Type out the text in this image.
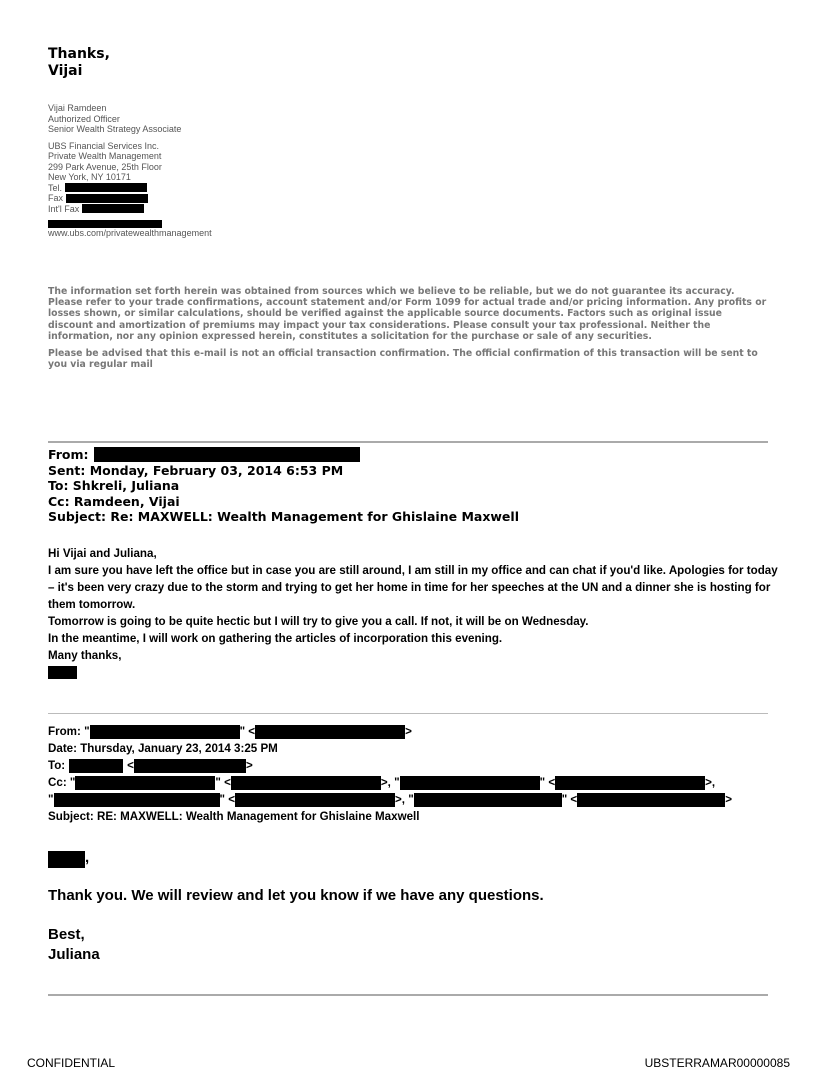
Thanks,
Vijai
Vijai Ramdeen
Authorized Officer
Senior Wealth Strategy Associate
UBS Financial Services Inc.
Private Wealth Management
299 Park Avenue, 25th Floor
New York, NY 10171
Tel.
Fax
Int'l Fax
www.ubs.com/privatewealthmanagement

The information set forth herein was obtained from sources which we believe to be reliable, but we do not guarantee its accuracy. Please refer to your trade confirmations, account statement and/or Form 1099 for actual trade and/or pricing information. Any profits or losses shown, or similar calculations, should be verified against the applicable source documents. Factors such as original issue discount and amortization of premiums may impact your tax considerations. Please consult your tax professional. Neither the information, nor any opinion expressed herein, constitutes a solicitation for the purchase or sale of any securities.

Please be advised that this e-mail is not an official transaction confirmation. The official confirmation of this transaction will be sent to you via regular mail

From:
Sent: Monday, February 03, 2014 6:53 PM
To: Shkreli, Juliana
Cc: Ramdeen, Vijai
Subject: Re: MAXWELL: Wealth Management for Ghislaine Maxwell

Hi Vijai and Juliana,

I am sure you have left the office but in case you are still around, I am still in my office and can chat if you'd like. Apologies for today – it's been very crazy due to the storm and trying to get her home in time for her speeches at the UN and a dinner she is hosting for them tomorrow.

Tomorrow is going to be quite hectic but I will try to give you a call. If not, it will be on Wednesday.

In the meantime, I will work on gathering the articles of incorporation this evening.

Many thanks,

From: "	" <	>
Date: Thursday, January 23, 2014 3:25 PM
To:	<	>
Cc: "	" <	>, "	" <	>,
"	" <	>, "	" <	>
Subject: RE: MAXWELL: Wealth Management for Ghislaine Maxwell
,
Thank you. We will review and let you know if we have any questions.
Best,
Juliana
CONFIDENTIAL	UBSTERRAMAR00000085
